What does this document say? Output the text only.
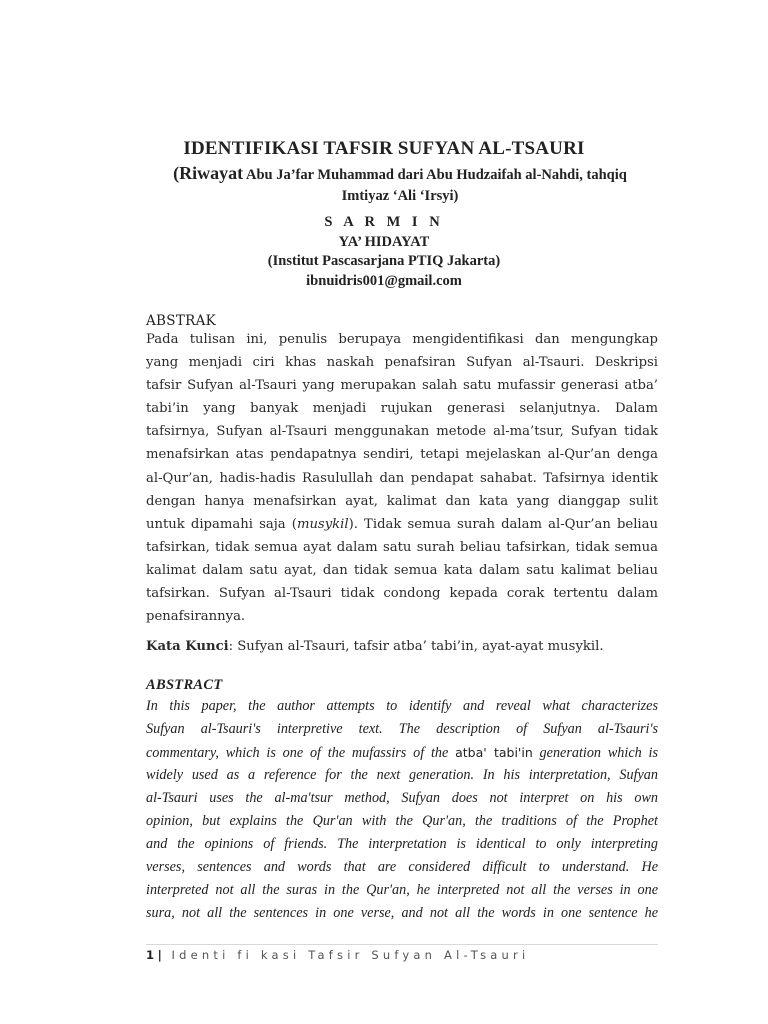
IDENTIFIKASI TAFSIR SUFYAN AL-TSAURI
(Riwayat Abu Ja’far Muhammad dari Abu Hudzaifah al-Nahdi, tahqiq
Imtiyaz ‘Ali ‘Irsyi)
S A R M I N
YA’ HIDAYAT
(Institut Pascasarjana PTIQ Jakarta)
ibnuidris001@gmail.com
ABSTRAK
Pada tulisan ini, penulis berupaya mengidentifikasi dan mengungkap
yang menjadi ciri khas naskah penafsiran Sufyan al-Tsauri. Deskripsi
tafsir Sufyan al-Tsauri yang merupakan salah satu mufassir generasi atba’
tabi’in yang banyak menjadi rujukan generasi selanjutnya. Dalam
tafsirnya, Sufyan al-Tsauri menggunakan metode al-ma’tsur, Sufyan tidak
menafsirkan atas pendapatnya sendiri, tetapi mejelaskan al-Qur’an denga
al-Qur’an, hadis-hadis Rasulullah dan pendapat sahabat. Tafsirnya identik
dengan hanya menafsirkan ayat, kalimat dan kata yang dianggap sulit
untuk dipamahi saja (musykil). Tidak semua surah dalam al-Qur’an beliau
tafsirkan, tidak semua ayat dalam satu surah beliau tafsirkan, tidak semua
kalimat dalam satu ayat, dan tidak semua kata dalam satu kalimat beliau
tafsirkan. Sufyan al-Tsauri tidak condong kepada corak tertentu dalam
penafsirannya.
Kata Kunci: Sufyan al-Tsauri, tafsir atba’ tabi’in, ayat-ayat musykil.
ABSTRACT
In this paper, the author attempts to identify and reveal what characterizes
Sufyan al-Tsauri's interpretive text. The description of Sufyan al-Tsauri's
commentary, which is one of the mufassirs of the atba' tabi'in generation which is
widely used as a reference for the next generation. In his interpretation, Sufyan
al-Tsauri uses the al-ma'tsur method, Sufyan does not interpret on his own
opinion, but explains the Qur'an with the Qur'an, the traditions of the Prophet
and the opinions of friends. The interpretation is identical to only interpreting
verses, sentences and words that are considered difficult to understand. He
interpreted not all the suras in the Qur'an, he interpreted not all the verses in one
sura, not all the sentences in one verse, and not all the words in one sentence he
1 | Identi fi kasi Tafsir Sufyan Al-Tsauri
